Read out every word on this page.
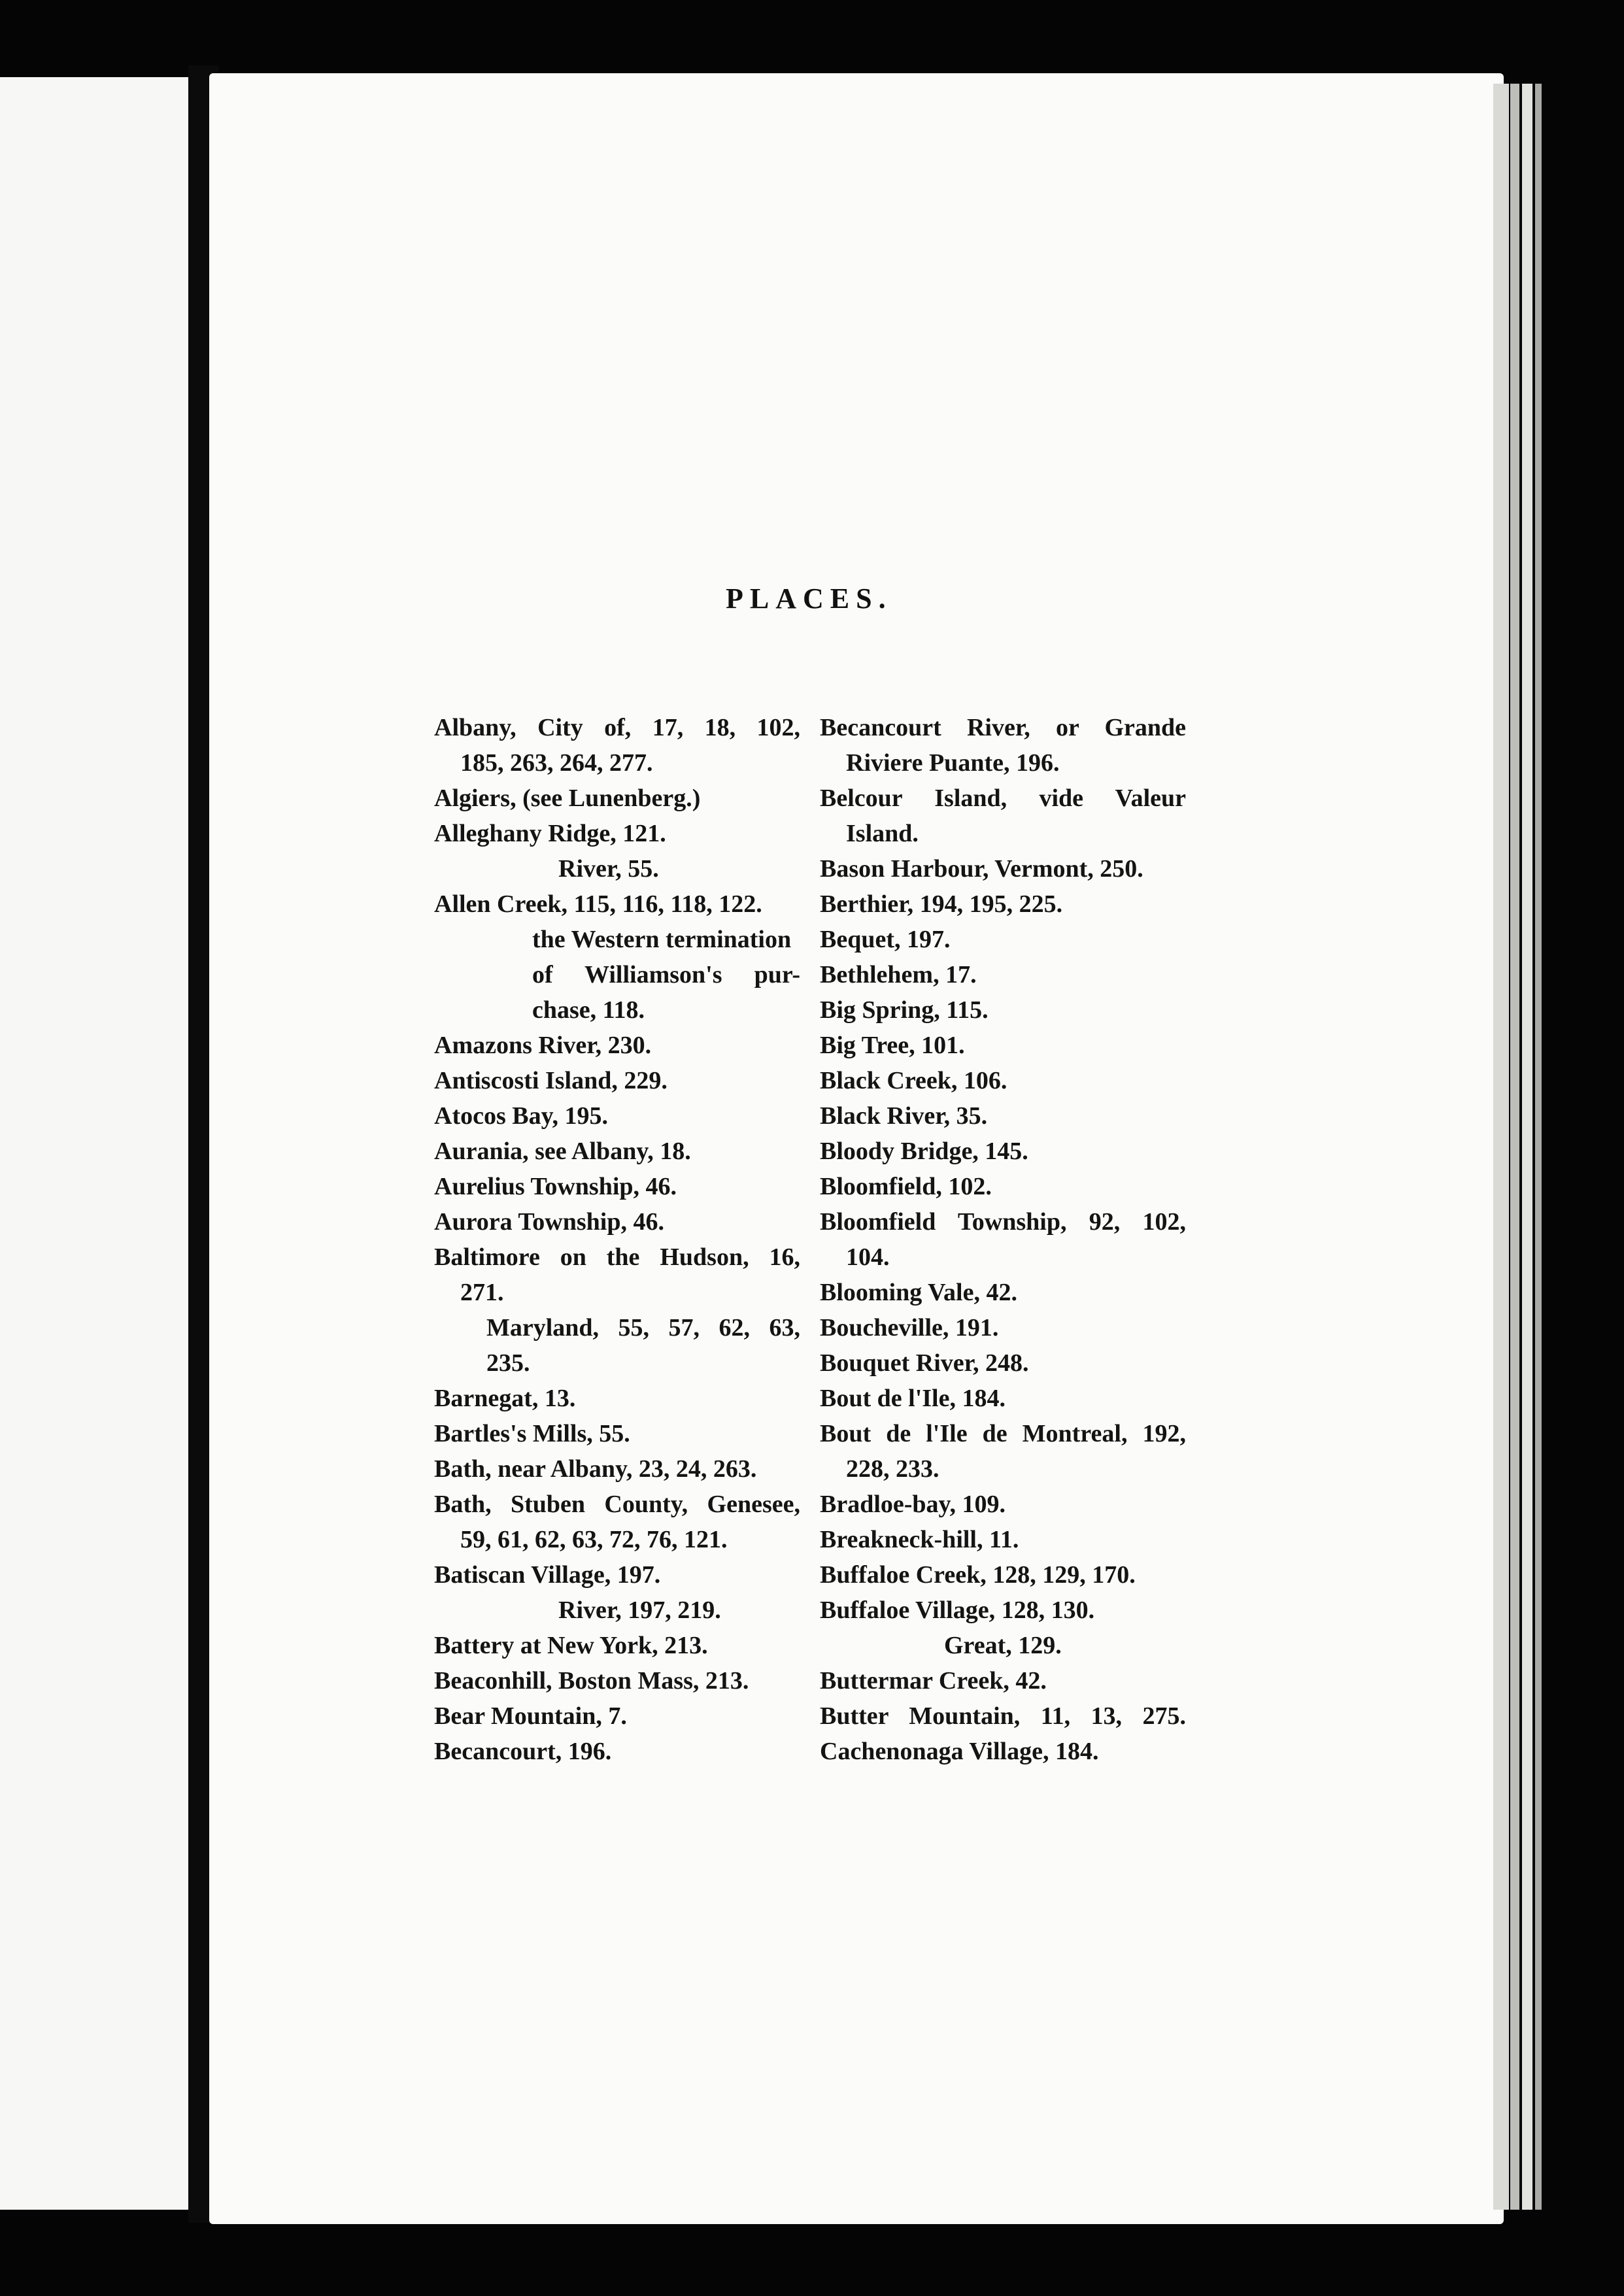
PLACES.
Albany, City of, 17, 18, 102,
185, 263, 264, 277.
Algiers, (see Lunenberg.)
Alleghany Ridge, 121.
River, 55.
Allen Creek, 115, 116, 118, 122.
the Western termination
of Williamson's pur-
chase, 118.
Amazons River, 230.
Antiscosti Island, 229.
Atocos Bay, 195.
Aurania, see Albany, 18.
Aurelius Township, 46.
Aurora Township, 46.
Baltimore on the Hudson, 16,
271.
Maryland, 55, 57, 62, 63,
235.
Barnegat, 13.
Bartles's Mills, 55.
Bath, near Albany, 23, 24, 263.
Bath, Stuben County, Genesee,
59, 61, 62, 63, 72, 76, 121.
Batiscan Village, 197.
River, 197, 219.
Battery at New York, 213.
Beaconhill, Boston Mass, 213.
Bear Mountain, 7.
Becancourt, 196.
Becancourt River, or Grande
Riviere Puante, 196.
Belcour Island, vide Valeur
Island.
Bason Harbour, Vermont, 250.
Berthier, 194, 195, 225.
Bequet, 197.
Bethlehem, 17.
Big Spring, 115.
Big Tree, 101.
Black Creek, 106.
Black River, 35.
Bloody Bridge, 145.
Bloomfield, 102.
Bloomfield Township, 92, 102,
104.
Blooming Vale, 42.
Boucheville, 191.
Bouquet River, 248.
Bout de l'Ile, 184.
Bout de l'Ile de Montreal, 192,
228, 233.
Bradloe-bay, 109.
Breakneck-hill, 11.
Buffaloe Creek, 128, 129, 170.
Buffaloe Village, 128, 130.
Great, 129.
Buttermar Creek, 42.
Butter Mountain, 11, 13, 275.
Cachenonaga Village, 184.
